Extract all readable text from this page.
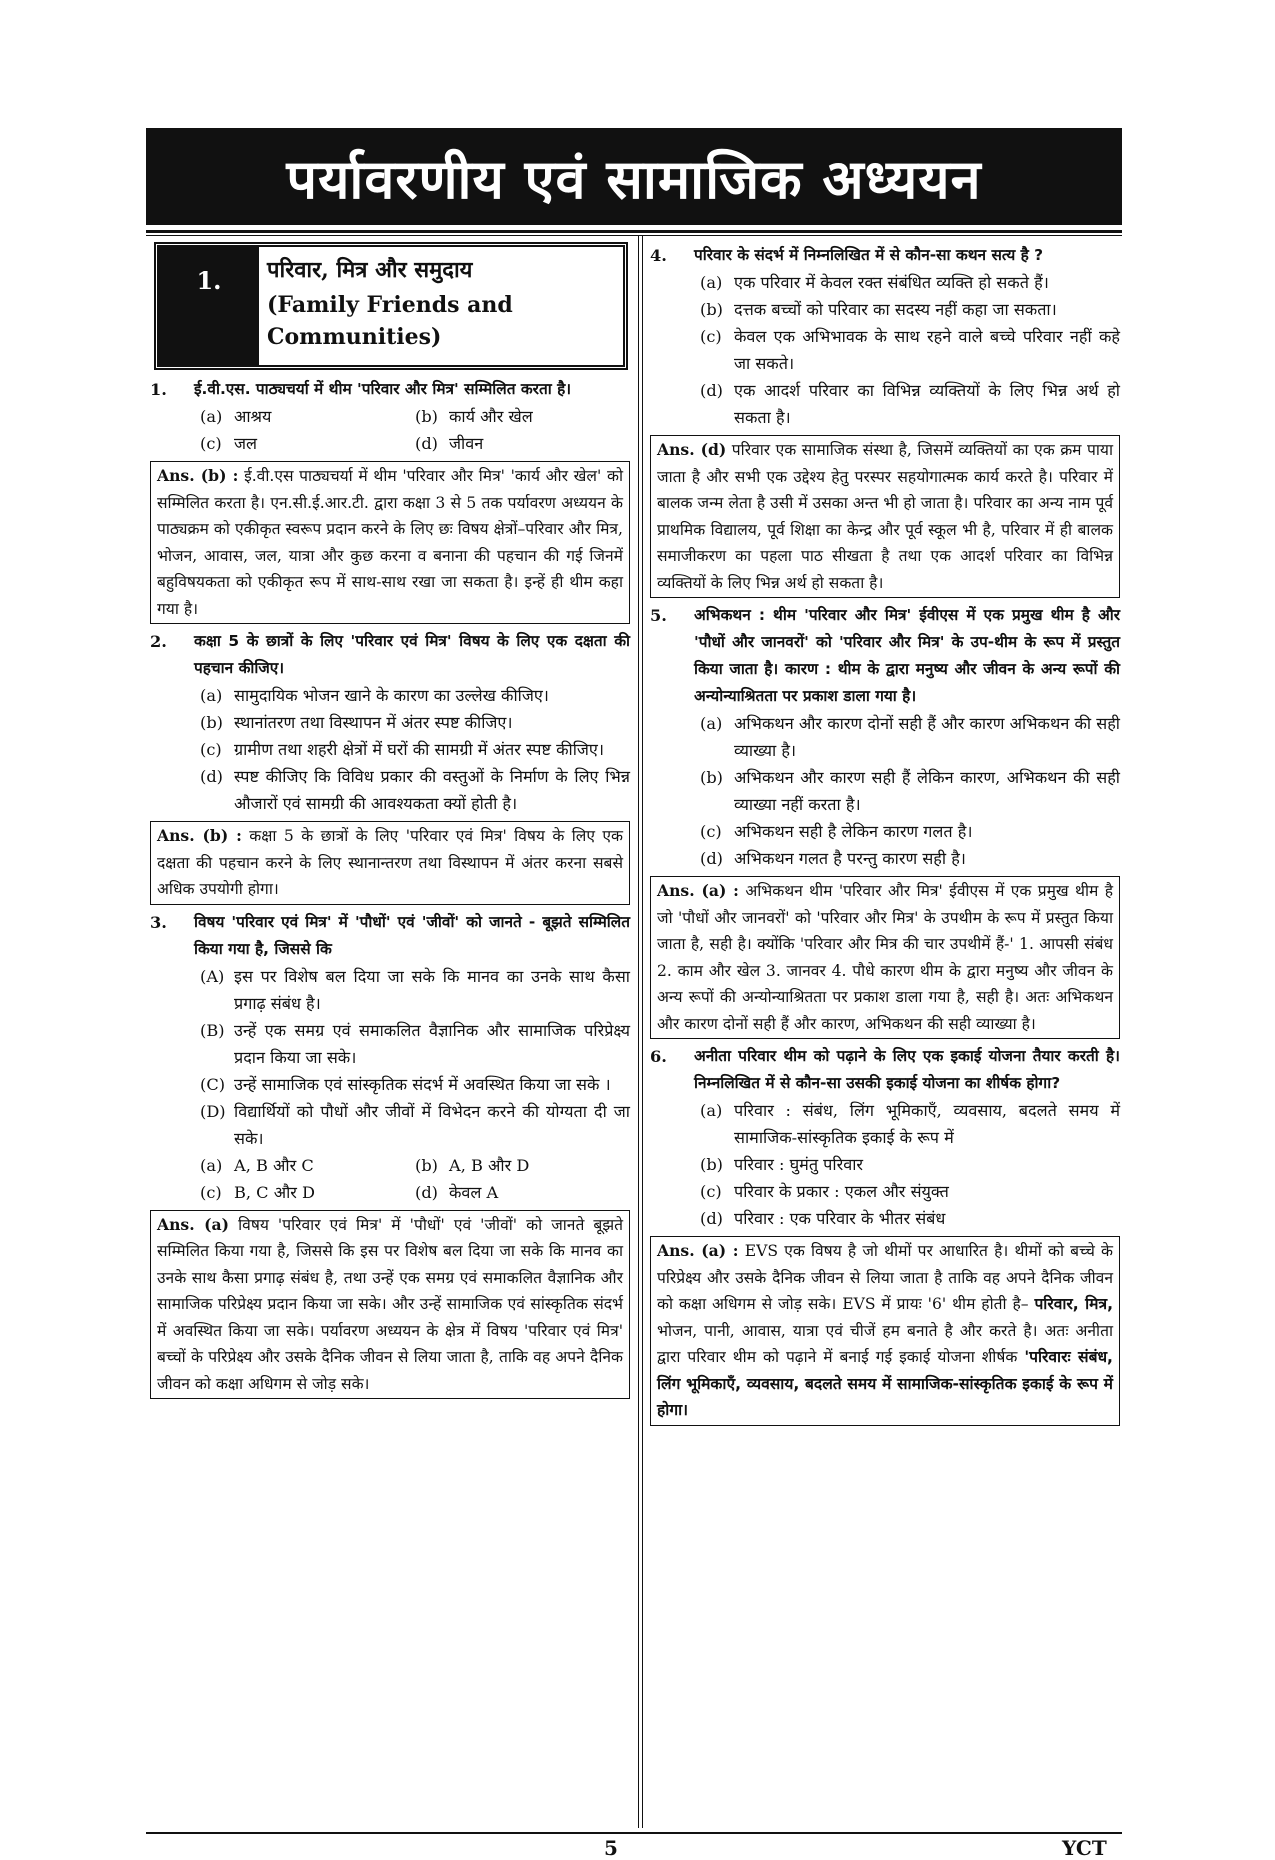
पर्यावरणीय एवं सामाजिक अध्ययन
1.	परिवार, मित्र और समुदाय
(Family Friends and Communities)
1.	ई.वी.एस. पाठ्यचर्या में थीम 'परिवार और मित्र' सम्मिलित करता है।
(a) आश्रय	(b) कार्य और खेल
(c) जल	(d) जीवन
Ans. (b) : ई.वी.एस पाठ्यचर्या में थीम 'परिवार और मित्र' 'कार्य और खेल' को सम्मिलित करता है। एन.सी.ई.आर.टी. द्वारा कक्षा 3 से 5 तक पर्यावरण अध्ययन के पाठ्यक्रम को एकीकृत स्वरूप प्रदान करने के लिए छः विषय क्षेत्रों–परिवार और मित्र, भोजन, आवास, जल, यात्रा और कुछ करना व बनाना की पहचान की गई जिनमें बहुविषयकता को एकीकृत रूप में साथ-साथ रखा जा सकता है। इन्हें ही थीम कहा गया है।
2.	कक्षा 5 के छात्रों के लिए 'परिवार एवं मित्र' विषय के लिए एक दक्षता की पहचान कीजिए।
(a) सामुदायिक भोजन खाने के कारण का उल्लेख कीजिए।
(b) स्थानांतरण तथा विस्थापन में अंतर स्पष्ट कीजिए।
(c) ग्रामीण तथा शहरी क्षेत्रों में घरों की सामग्री में अंतर स्पष्ट कीजिए।
(d) स्पष्ट कीजिए कि विविध प्रकार की वस्तुओं के निर्माण के लिए भिन्न औजारों एवं सामग्री की आवश्यकता क्यों होती है।
Ans. (b) : कक्षा 5 के छात्रों के लिए 'परिवार एवं मित्र' विषय के लिए एक दक्षता की पहचान करने के लिए स्थानान्तरण तथा विस्थापन में अंतर करना सबसे अधिक उपयोगी होगा।
3.	विषय 'परिवार एवं मित्र' में 'पौधों' एवं 'जीवों' को जानते - बूझते सम्मिलित किया गया है, जिससे कि
(A) इस पर विशेष बल दिया जा सके कि मानव का उनके साथ कैसा प्रगाढ़ संबंध है।
(B) उन्हें एक समग्र एवं समाकलित वैज्ञानिक और सामाजिक परिप्रेक्ष्य प्रदान किया जा सके।
(C) उन्हें सामाजिक एवं सांस्कृतिक संदर्भ में अवस्थित किया जा सके ।
(D) विद्यार्थियों को पौधों और जीवों में विभेदन करने की योग्यता दी जा सके।
(a) A, B और C	(b) A, B और D
(c) B, C और D	(d) केवल A
Ans. (a) विषय 'परिवार एवं मित्र' में 'पौधों' एवं 'जीवों' को जानते बूझते सम्मिलित किया गया है, जिससे कि इस पर विशेष बल दिया जा सके कि मानव का उनके साथ कैसा प्रगाढ़ संबंध है, तथा उन्हें एक समग्र एवं समाकलित वैज्ञानिक और सामाजिक परिप्रेक्ष्य प्रदान किया जा सके। और उन्हें सामाजिक एवं सांस्कृतिक संदर्भ में अवस्थित किया जा सके। पर्यावरण अध्ययन के क्षेत्र में विषय 'परिवार एवं मित्र' बच्चों के परिप्रेक्ष्य और उसके दैनिक जीवन से लिया जाता है, ताकि वह अपने दैनिक जीवन को कक्षा अधिगम से जोड़ सके।
4.	परिवार के संदर्भ में निम्नलिखित में से कौन-सा कथन सत्य है ?
(a) एक परिवार में केवल रक्त संबंधित व्यक्ति हो सकते हैं।
(b) दत्तक बच्चों को परिवार का सदस्य नहीं कहा जा सकता।
(c) केवल एक अभिभावक के साथ रहने वाले बच्चे परिवार नहीं कहे जा सकते।
(d) एक आदर्श परिवार का विभिन्न व्यक्तियों के लिए भिन्न अर्थ हो सकता है।
Ans. (d) परिवार एक सामाजिक संस्था है, जिसमें व्यक्तियों का एक क्रम पाया जाता है और सभी एक उद्देश्य हेतु परस्पर सहयोगात्मक कार्य करते है। परिवार में बालक जन्म लेता है उसी में उसका अन्त भी हो जाता है। परिवार का अन्य नाम पूर्व प्राथमिक विद्यालय, पूर्व शिक्षा का केन्द्र और पूर्व स्कूल भी है, परिवार में ही बालक समाजीकरण का पहला पाठ सीखता है तथा एक आदर्श परिवार का विभिन्न व्यक्तियों के लिए भिन्न अर्थ हो सकता है।
5.	अभिकथन : थीम 'परिवार और मित्र' ईवीएस में एक प्रमुख थीम है और 'पौधों और जानवरों' को 'परिवार और मित्र' के उप-थीम के रूप में प्रस्तुत किया जाता है। कारण : थीम के द्वारा मनुष्य और जीवन के अन्य रूपों की अन्योन्याश्रितता पर प्रकाश डाला गया है।
(a) अभिकथन और कारण दोनों सही हैं और कारण अभिकथन की सही व्याख्या है।
(b) अभिकथन और कारण सही हैं लेकिन कारण, अभिकथन की सही व्याख्या नहीं करता है।
(c) अभिकथन सही है लेकिन कारण गलत है।
(d) अभिकथन गलत है परन्तु कारण सही है।
Ans. (a) : अभिकथन थीम 'परिवार और मित्र' ईवीएस में एक प्रमुख थीम है जो 'पौधों और जानवरों' को 'परिवार और मित्र' के उपथीम के रूप में प्रस्तुत किया जाता है, सही है। क्योंकि 'परिवार और मित्र की चार उपथीमें हैं-' 1. आपसी संबंध 2. काम और खेल 3. जानवर 4. पौधे कारण थीम के द्वारा मनुष्य और जीवन के अन्य रूपों की अन्योन्याश्रितता पर प्रकाश डाला गया है, सही है। अतः अभिकथन और कारण दोनों सही हैं और कारण, अभिकथन की सही व्याख्या है।
6.	अनीता परिवार थीम को पढ़ाने के लिए एक इकाई योजना तैयार करती है। निम्नलिखित में से कौन-सा उसकी इकाई योजना का शीर्षक होगा?
(a) परिवार : संबंध, लिंग भूमिकाएँ, व्यवसाय, बदलते समय में सामाजिक-सांस्कृतिक इकाई के रूप में
(b) परिवार : घुमंतु परिवार
(c) परिवार के प्रकार : एकल और संयुक्त
(d) परिवार : एक परिवार के भीतर संबंध
Ans. (a) : EVS एक विषय है जो थीमों पर आधारित है। थीमों को बच्चे के परिप्रेक्ष्य और उसके दैनिक जीवन से लिया जाता है ताकि वह अपने दैनिक जीवन को कक्षा अधिगम से जोड़ सके। EVS में प्रायः '6' थीम होती है– परिवार, मित्र, भोजन, पानी, आवास, यात्रा एवं चीजें हम बनाते है और करते है। अतः अनीता द्वारा परिवार थीम को पढ़ाने में बनाई गई इकाई योजना शीर्षक 'परिवारः संबंध, लिंग भूमिकाएँ, व्यवसाय, बदलते समय में सामाजिक-सांस्कृतिक इकाई के रूप में होगा।
5	YCT
